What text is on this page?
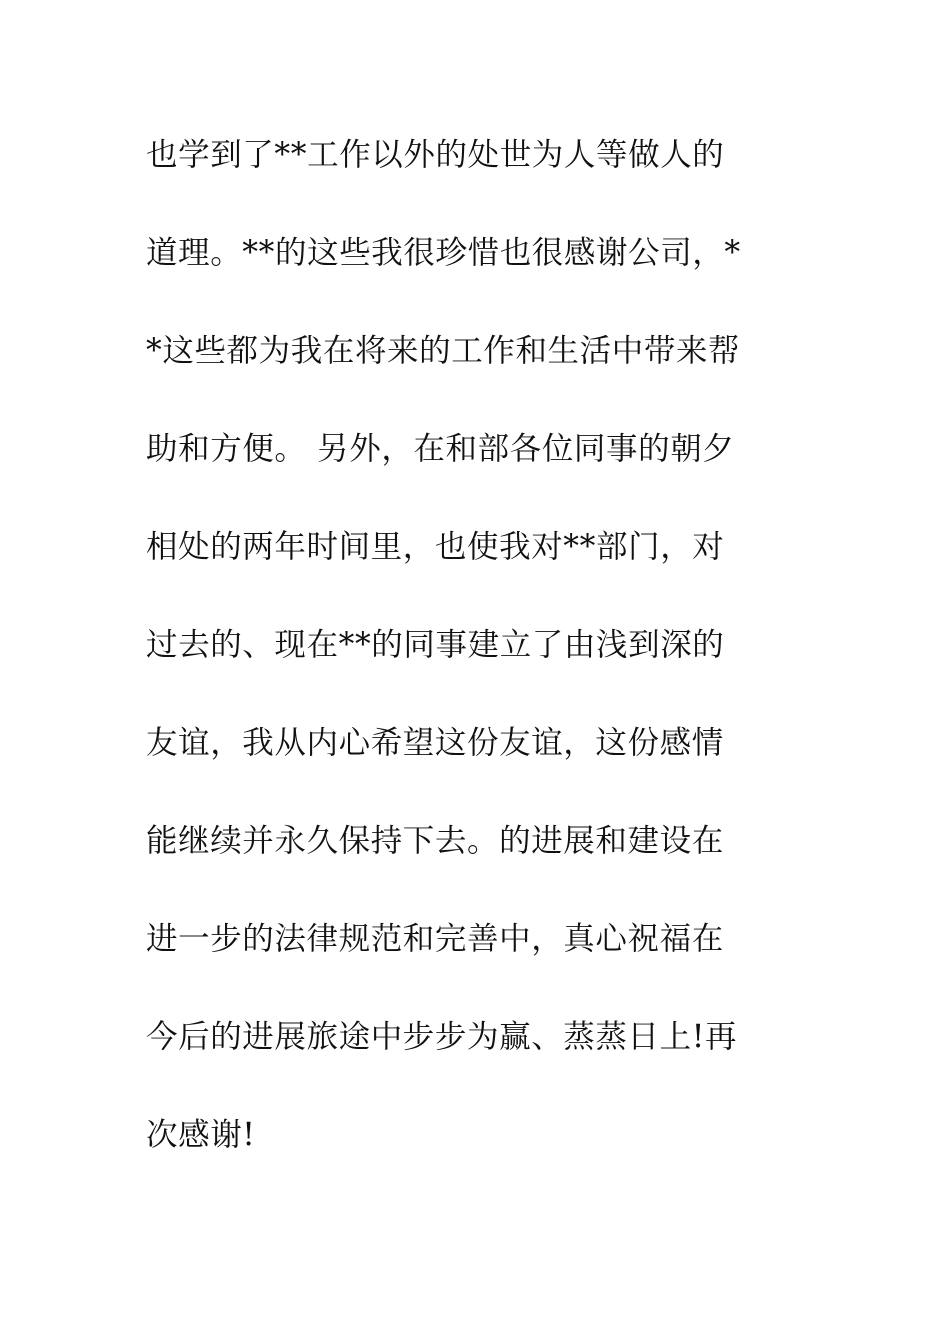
也学到了**工作以外的处世为人等做人的
道理。**的这些我很珍惜也很感谢公司，*
*这些都为我在将来的工作和生活中带来帮
助和方便。 另外，在和部各位同事的朝夕
相处的两年时间里，也使我对**部门，对
过去的、现在**的同事建立了由浅到深的
友谊，我从内心希望这份友谊，这份感情
能继续并永久保持下去。的进展和建设在
进一步的法律规范和完善中，真心祝福在
今后的进展旅途中步步为赢、蒸蒸日上!再
次感谢!
